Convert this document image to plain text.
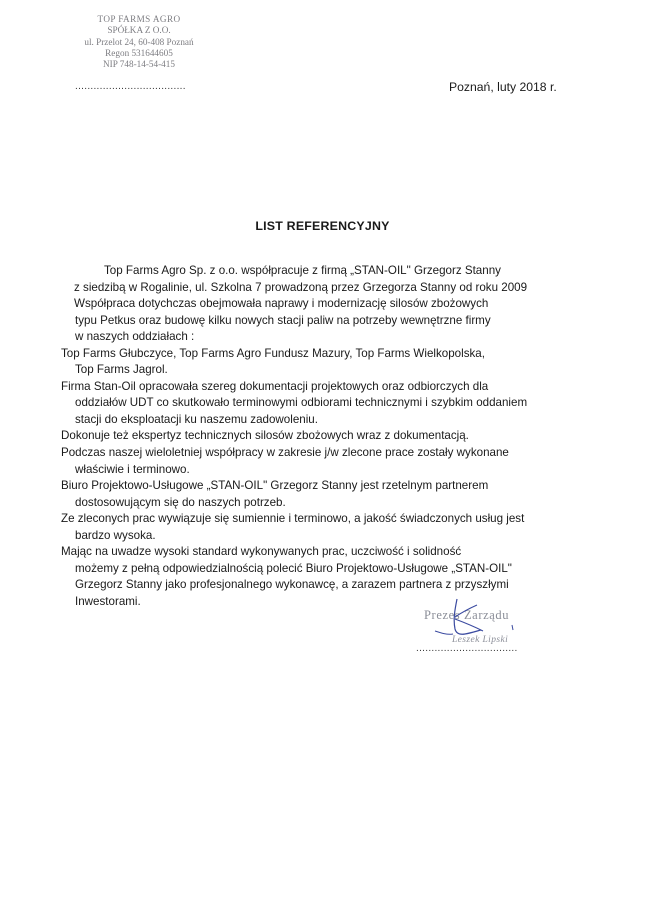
TOP FARMS AGRO
SPÓŁKA Z O.O.
ul. Przelot 24, 60-408 Poznań
Regon 531644605
NIP 748-14-54-415
....................................	Poznań, luty 2018 r.
LIST REFERENCYJNY
Top Farms Agro Sp. z o.o. współpracuje z firmą „STAN-OIL" Grzegorz Stanny
z siedzibą w Rogalinie, ul. Szkolna 7 prowadzoną przez Grzegorza Stanny od roku 2009
Współpraca dotychczas obejmowała naprawy i modernizację silosów zbożowych
typu Petkus oraz budowę kilku nowych stacji paliw na potrzeby wewnętrzne firmy
w naszych oddziałach :
Top Farms Głubczyce, Top Farms Agro Fundusz Mazury, Top Farms Wielkopolska,
Top Farms Jagrol.
Firma Stan-Oil opracowała szereg dokumentacji projektowych oraz odbiorczych dla
oddziałów UDT co skutkowało terminowymi odbiorami technicznymi i szybkim oddaniem
stacji do eksploatacji ku naszemu zadowoleniu.
Dokonuje też ekspertyz technicznych silosów zbożowych wraz z dokumentacją.
Podczas naszej wieloletniej współpracy w zakresie j/w zlecone prace zostały wykonane
właściwie i terminowo.
Biuro Projektowo-Usługowe „STAN-OIL" Grzegorz Stanny jest rzetelnym partnerem
dostosowującym się do naszych potrzeb.
Ze zleconych prac wywiązuje się sumiennie i terminowo, a jakość świadczonych usług jest
bardzo wysoka.
Mając na uwadze wysoki standard wykonywanych prac, uczciwość i solidność
możemy z pełną odpowiedzialnością polecić Biuro Projektowo-Usługowe „STAN-OIL"
Grzegorz Stanny jako profesjonalnego wykonawcę, a zarazem partnera z przyszłymi
Inwestorami.
Prezes Zarządu
Leszek Lipski
.................................
